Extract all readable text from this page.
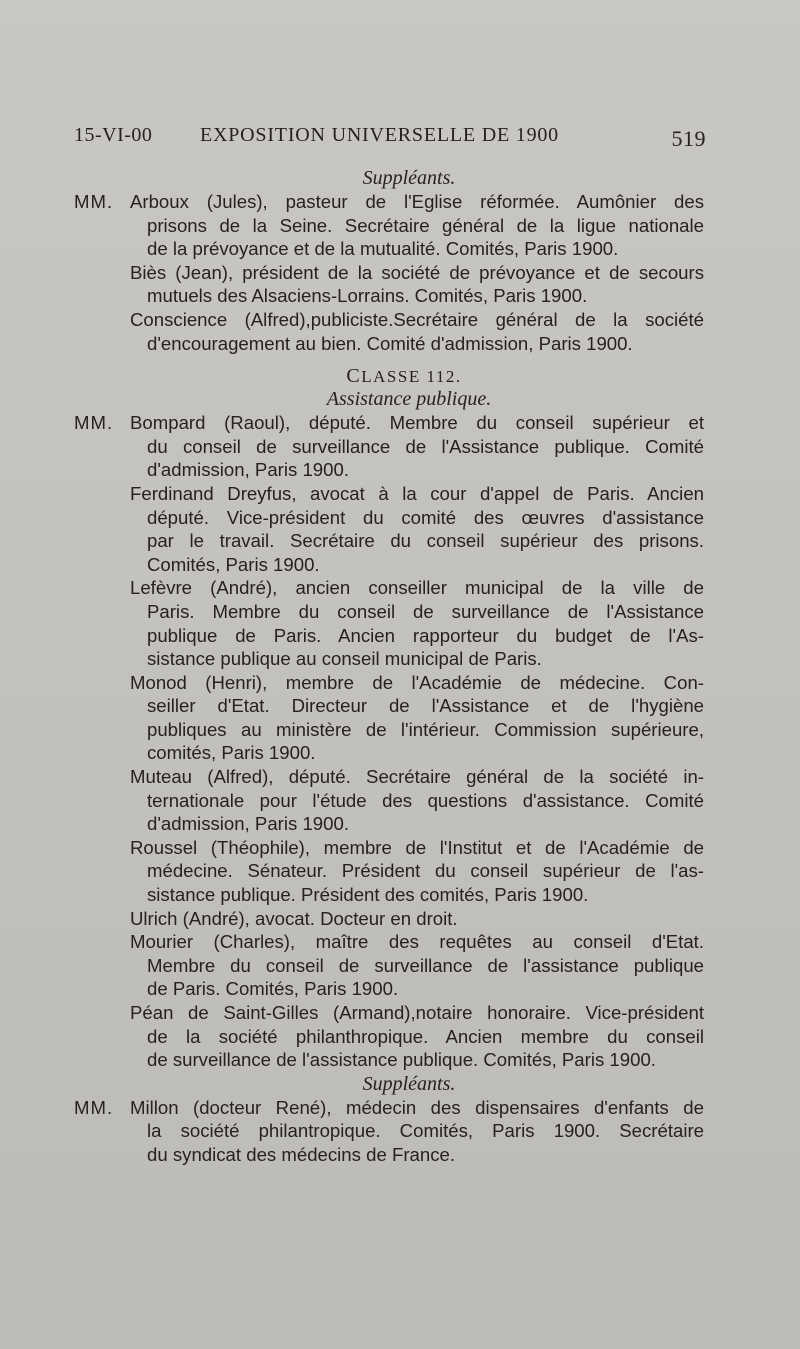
15-VI-00 EXPOSITION UNIVERSELLE DE 1900	519
Suppléants.
MM. Arboux (Jules), pasteur de l'Eglise réformée. Aumônier des
prisons de la Seine. Secrétaire général de la ligue nationale
de la prévoyance et de la mutualité. Comités, Paris 1900.
Biès (Jean), président de la société de prévoyance et de secours
mutuels des Alsaciens-Lorrains. Comités, Paris 1900.
Conscience (Alfred),publiciste.Secrétaire général de la société
d'encouragement au bien. Comité d'admission, Paris 1900.
CLASSE 112.
Assistance publique.
MM. Bompard (Raoul), député. Membre du conseil supérieur et
du conseil de surveillance de l'Assistance publique. Comité
d'admission, Paris 1900.
Ferdinand Dreyfus, avocat à la cour d'appel de Paris. Ancien
député. Vice-président du comité des œuvres d'assistance
par le travail. Secrétaire du conseil supérieur des prisons.
Comités, Paris 1900.
Lefèvre (André), ancien conseiller municipal de la ville de
Paris. Membre du conseil de surveillance de l'Assistance
publique de Paris. Ancien rapporteur du budget de l'As-
sistance publique au conseil municipal de Paris.
Monod (Henri), membre de l'Académie de médecine. Con-
seiller d'Etat. Directeur de l'Assistance et de l'hygiène
publiques au ministère de l'intérieur. Commission supérieure,
comités, Paris 1900.
Muteau (Alfred), député. Secrétaire général de la société in-
ternationale pour l'étude des questions d'assistance. Comité
d'admission, Paris 1900.
Roussel (Théophile), membre de l'Institut et de l'Académie de
médecine. Sénateur. Président du conseil supérieur de l'as-
sistance publique. Président des comités, Paris 1900.
Ulrich (André), avocat. Docteur en droit.
Mourier (Charles), maître des requêtes au conseil d'Etat.
Membre du conseil de surveillance de l'assistance publique
de Paris. Comités, Paris 1900.
Péan de Saint-Gilles (Armand),notaire honoraire. Vice-président
de la société philanthropique. Ancien membre du conseil
de surveillance de l'assistance publique. Comités, Paris 1900.
Suppléants.
MM. Millon (docteur René), médecin des dispensaires d'enfants de
la société philantropique. Comités, Paris 1900. Secrétaire
du syndicat des médecins de France.
